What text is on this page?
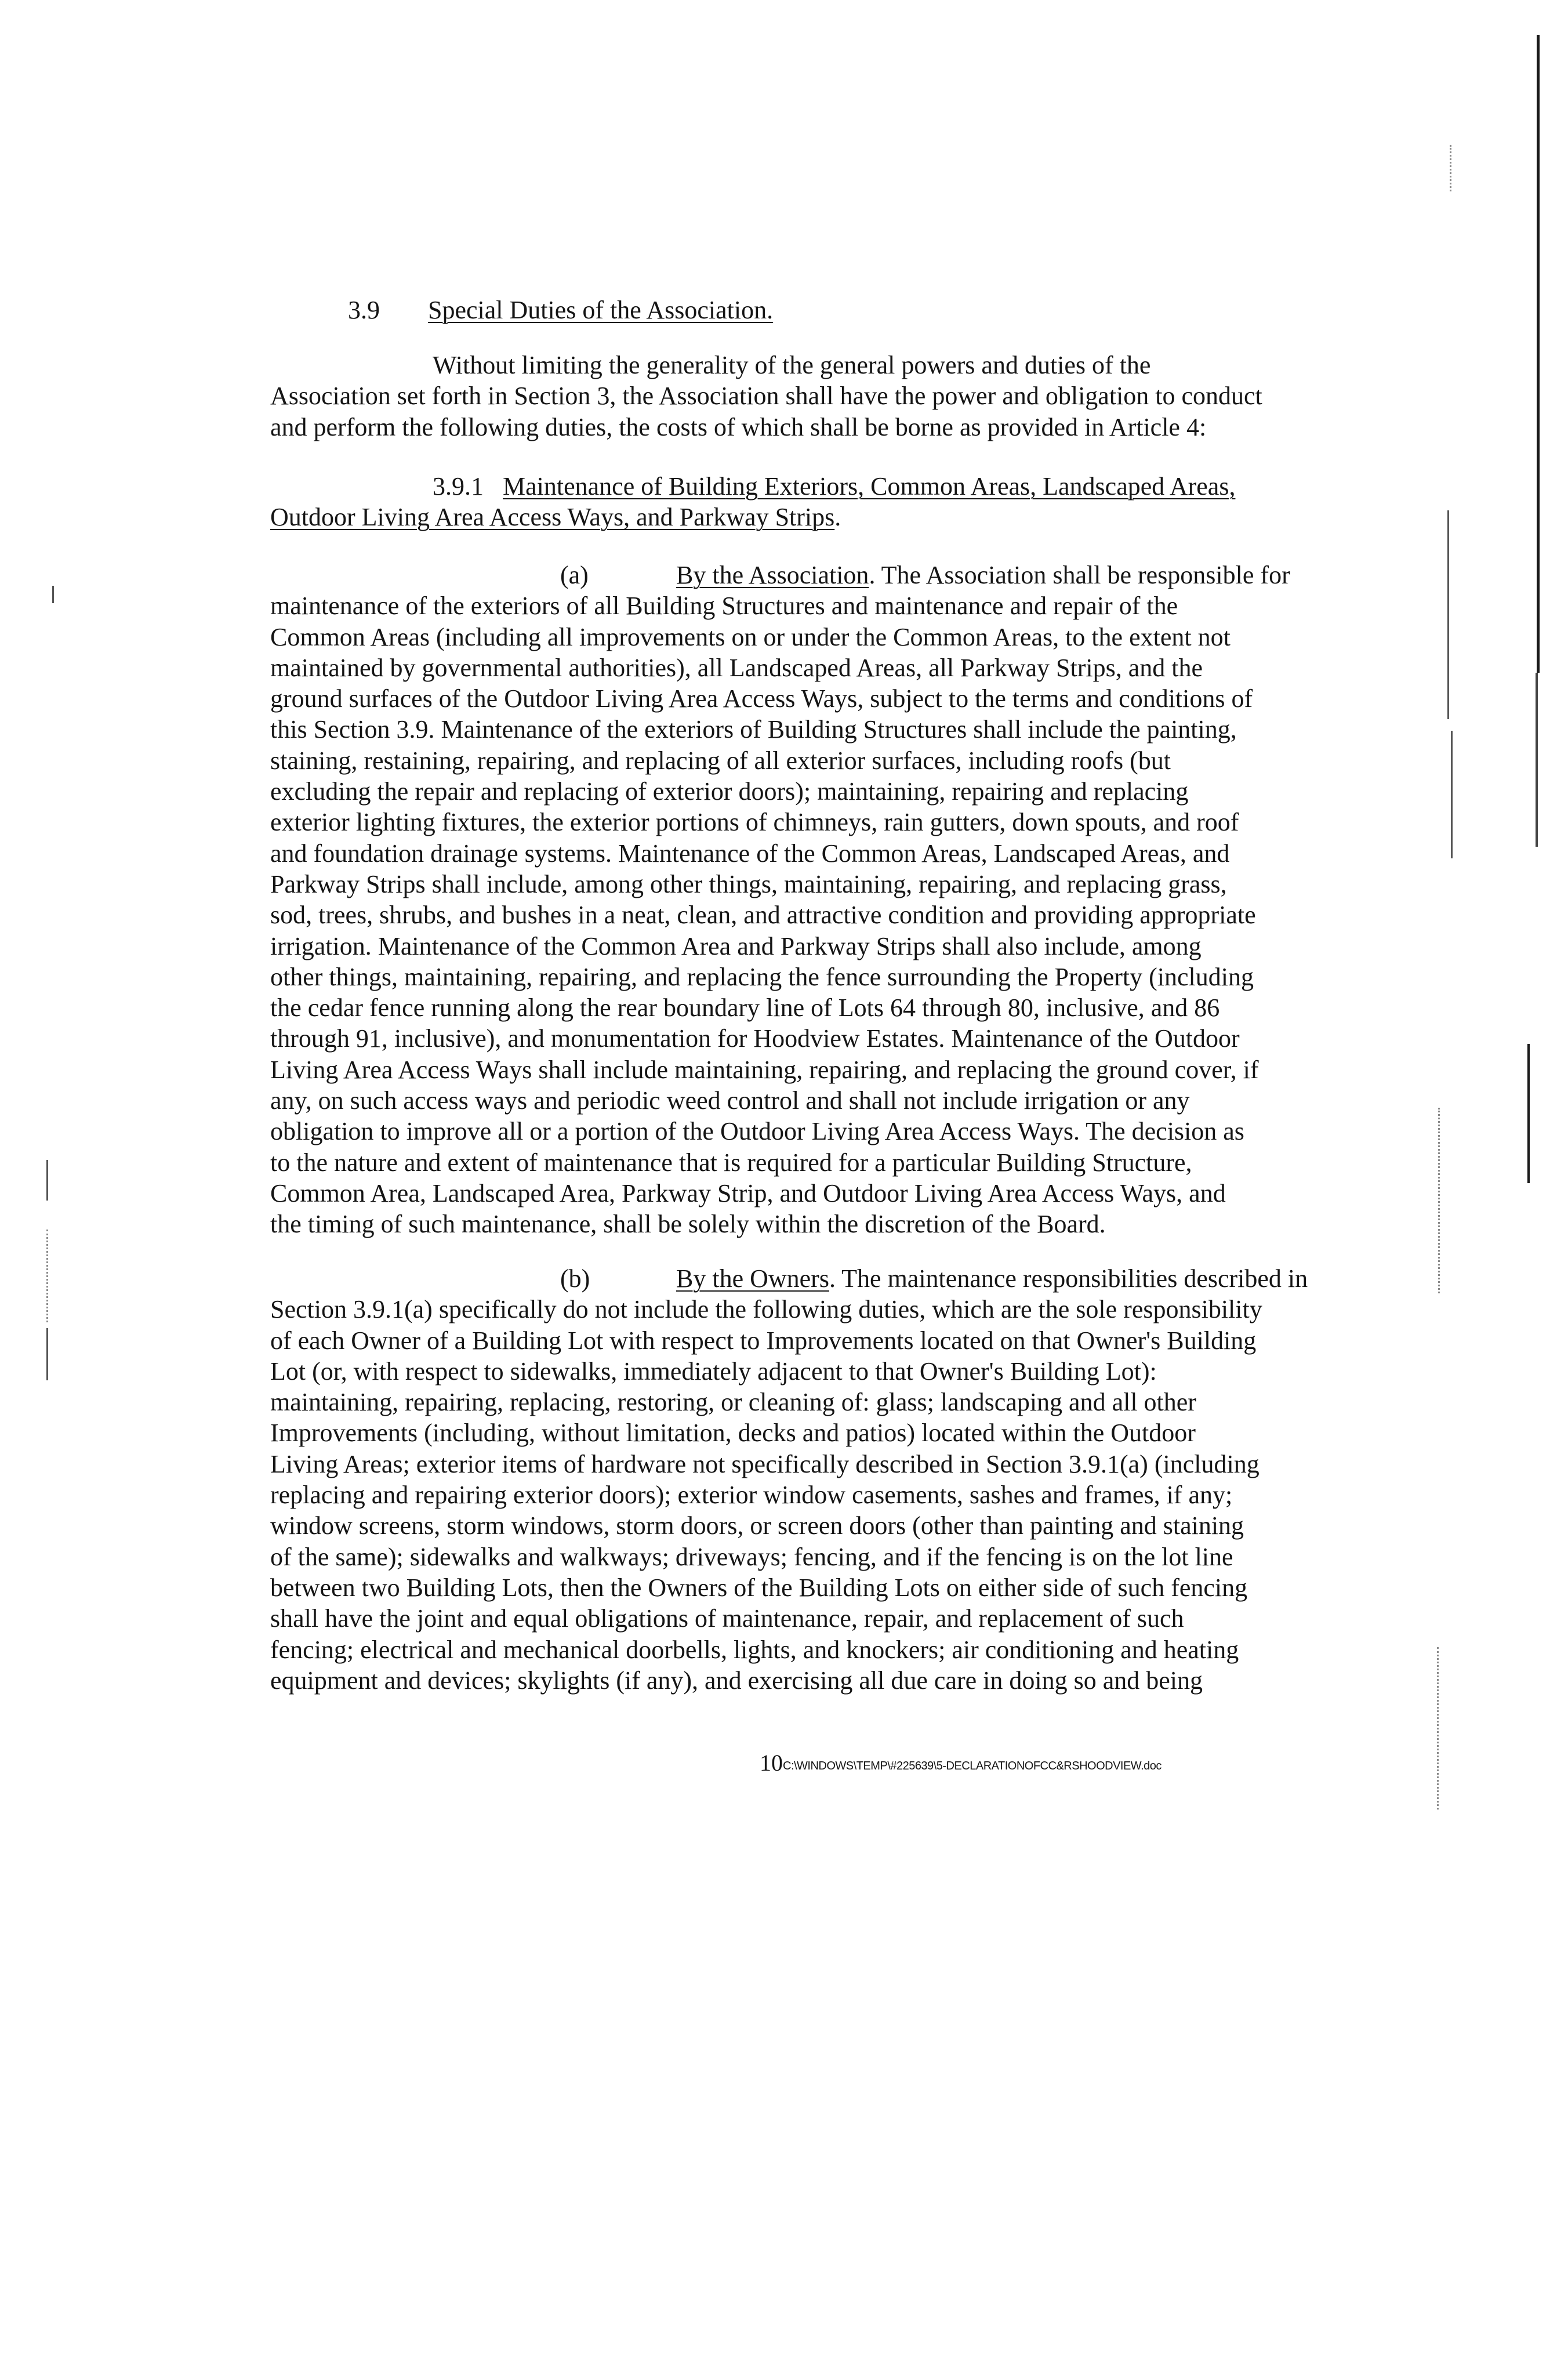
3.9 Special Duties of the Association.
Without limiting the generality of the general powers and duties of the
Association set forth in Section 3, the Association shall have the power and obligation to conduct
and perform the following duties, the costs of which shall be borne as provided in Article 4:
3.9.1 Maintenance of Building Exteriors, Common Areas, Landscaped Areas,
Outdoor Living Area Access Ways, and Parkway Strips.
(a)	By the Association. The Association shall be responsible for
maintenance of the exteriors of all Building Structures and maintenance and repair of the
Common Areas (including all improvements on or under the Common Areas, to the extent not
maintained by governmental authorities), all Landscaped Areas, all Parkway Strips, and the
ground surfaces of the Outdoor Living Area Access Ways, subject to the terms and conditions of
this Section 3.9. Maintenance of the exteriors of Building Structures shall include the painting,
staining, restaining, repairing, and replacing of all exterior surfaces, including roofs (but
excluding the repair and replacing of exterior doors); maintaining, repairing and replacing
exterior lighting fixtures, the exterior portions of chimneys, rain gutters, down spouts, and roof
and foundation drainage systems. Maintenance of the Common Areas, Landscaped Areas, and
Parkway Strips shall include, among other things, maintaining, repairing, and replacing grass,
sod, trees, shrubs, and bushes in a neat, clean, and attractive condition and providing appropriate
irrigation. Maintenance of the Common Area and Parkway Strips shall also include, among
other things, maintaining, repairing, and replacing the fence surrounding the Property (including
the cedar fence running along the rear boundary line of Lots 64 through 80, inclusive, and 86
through 91, inclusive), and monumentation for Hoodview Estates. Maintenance of the Outdoor
Living Area Access Ways shall include maintaining, repairing, and replacing the ground cover, if
any, on such access ways and periodic weed control and shall not include irrigation or any
obligation to improve all or a portion of the Outdoor Living Area Access Ways. The decision as
to the nature and extent of maintenance that is required for a particular Building Structure,
Common Area, Landscaped Area, Parkway Strip, and Outdoor Living Area Access Ways, and
the timing of such maintenance, shall be solely within the discretion of the Board.
(b)	By the Owners. The maintenance responsibilities described in
Section 3.9.1(a) specifically do not include the following duties, which are the sole responsibility
of each Owner of a Building Lot with respect to Improvements located on that Owner's Building
Lot (or, with respect to sidewalks, immediately adjacent to that Owner's Building Lot):
maintaining, repairing, replacing, restoring, or cleaning of: glass; landscaping and all other
Improvements (including, without limitation, decks and patios) located within the Outdoor
Living Areas; exterior items of hardware not specifically described in Section 3.9.1(a) (including
replacing and repairing exterior doors); exterior window casements, sashes and frames, if any;
window screens, storm windows, storm doors, or screen doors (other than painting and staining
of the same); sidewalks and walkways; driveways; fencing, and if the fencing is on the lot line
between two Building Lots, then the Owners of the Building Lots on either side of such fencing
shall have the joint and equal obligations of maintenance, repair, and replacement of such
fencing; electrical and mechanical doorbells, lights, and knockers; air conditioning and heating
equipment and devices; skylights (if any), and exercising all due care in doing so and being
10C:\WINDOWS\TEMP\#225639\5-DECLARATIONOFCC&RSHOODVIEW.doc
